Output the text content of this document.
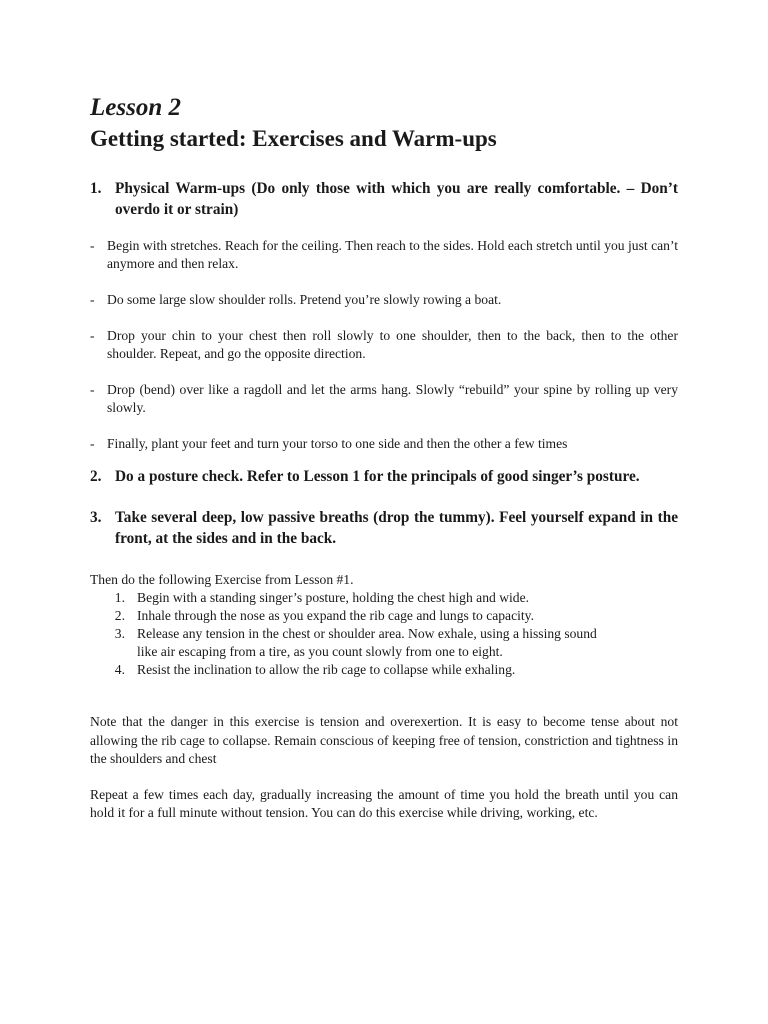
Lesson 2
Getting started: Exercises and Warm-ups
1. Physical Warm-ups (Do only those with which you are really comfortable. – Don’t overdo it or strain)
- Begin with stretches. Reach for the ceiling. Then reach to the sides. Hold each stretch until you just can’t anymore and then relax.
- Do some large slow shoulder rolls. Pretend you’re slowly rowing a boat.
- Drop your chin to your chest then roll slowly to one shoulder, then to the back, then to the other shoulder. Repeat, and go the opposite direction.
- Drop (bend) over like a ragdoll and let the arms hang. Slowly “rebuild” your spine by rolling up very slowly.
- Finally, plant your feet and turn your torso to one side and then the other a few times
2. Do a posture check. Refer to Lesson 1 for the principals of good singer’s posture.
3. Take several deep, low passive breaths (drop the tummy). Feel yourself expand in the front, at the sides and in the back.

Then do the following Exercise from Lesson #1.

1. Begin with a standing singer’s posture, holding the chest high and wide.
2. Inhale through the nose as you expand the rib cage and lungs to capacity.
3. Release any tension in the chest or shoulder area. Now exhale, using a hissing sound like air escaping from a tire, as you count slowly from one to eight.
4. Resist the inclination to allow the rib cage to collapse while exhaling.

Note that the danger in this exercise is tension and overexertion. It is easy to become tense about not allowing the rib cage to collapse. Remain conscious of keeping free of tension, constriction and tightness in the shoulders and chest

Repeat a few times each day, gradually increasing the amount of time you hold the breath until you can hold it for a full minute without tension. You can do this exercise while driving, working, etc.
